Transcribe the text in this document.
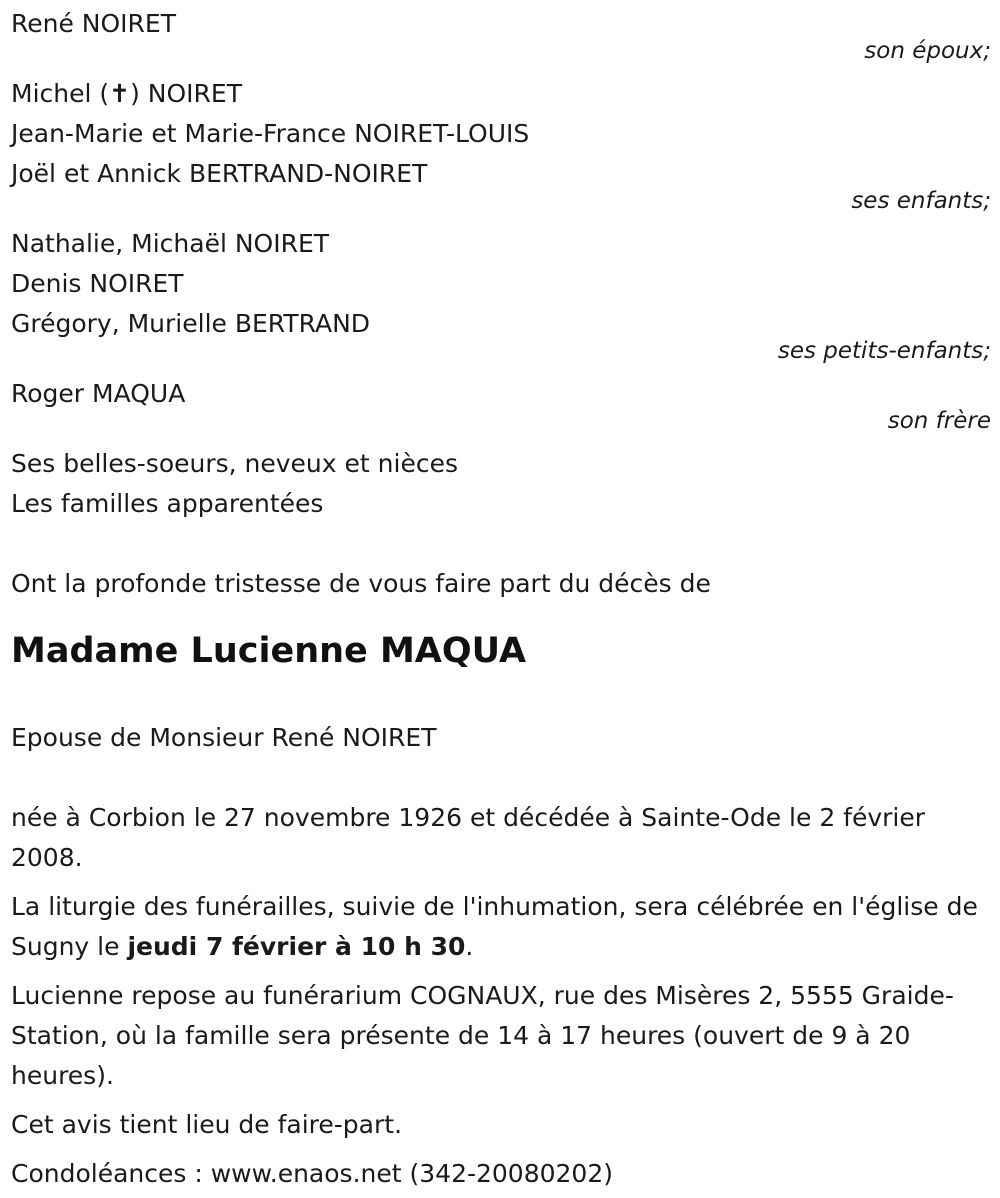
René NOIRET
son époux;
Michel (✝) NOIRET
Jean-Marie et Marie-France NOIRET-LOUIS
Joël et Annick BERTRAND-NOIRET
ses enfants;
Nathalie, Michaël NOIRET
Denis NOIRET
Grégory, Murielle BERTRAND
ses petits-enfants;
Roger MAQUA
son frère
Ses belles-soeurs, neveux et nièces
Les familles apparentées
Ont la profonde tristesse de vous faire part du décès de
Madame Lucienne MAQUA
Epouse de Monsieur René NOIRET
née à Corbion le 27 novembre 1926 et décédée à Sainte-Ode le 2 février 2008.
La liturgie des funérailles, suivie de l'inhumation, sera célébrée en l'église de Sugny le jeudi 7 février à 10 h 30.
Lucienne repose au funérarium COGNAUX, rue des Misères 2, 5555 Graide-Station, où la famille sera présente de 14 à 17 heures (ouvert de 9 à 20 heures).
Cet avis tient lieu de faire-part.
Condoléances : www.enaos.net (342-20080202)
